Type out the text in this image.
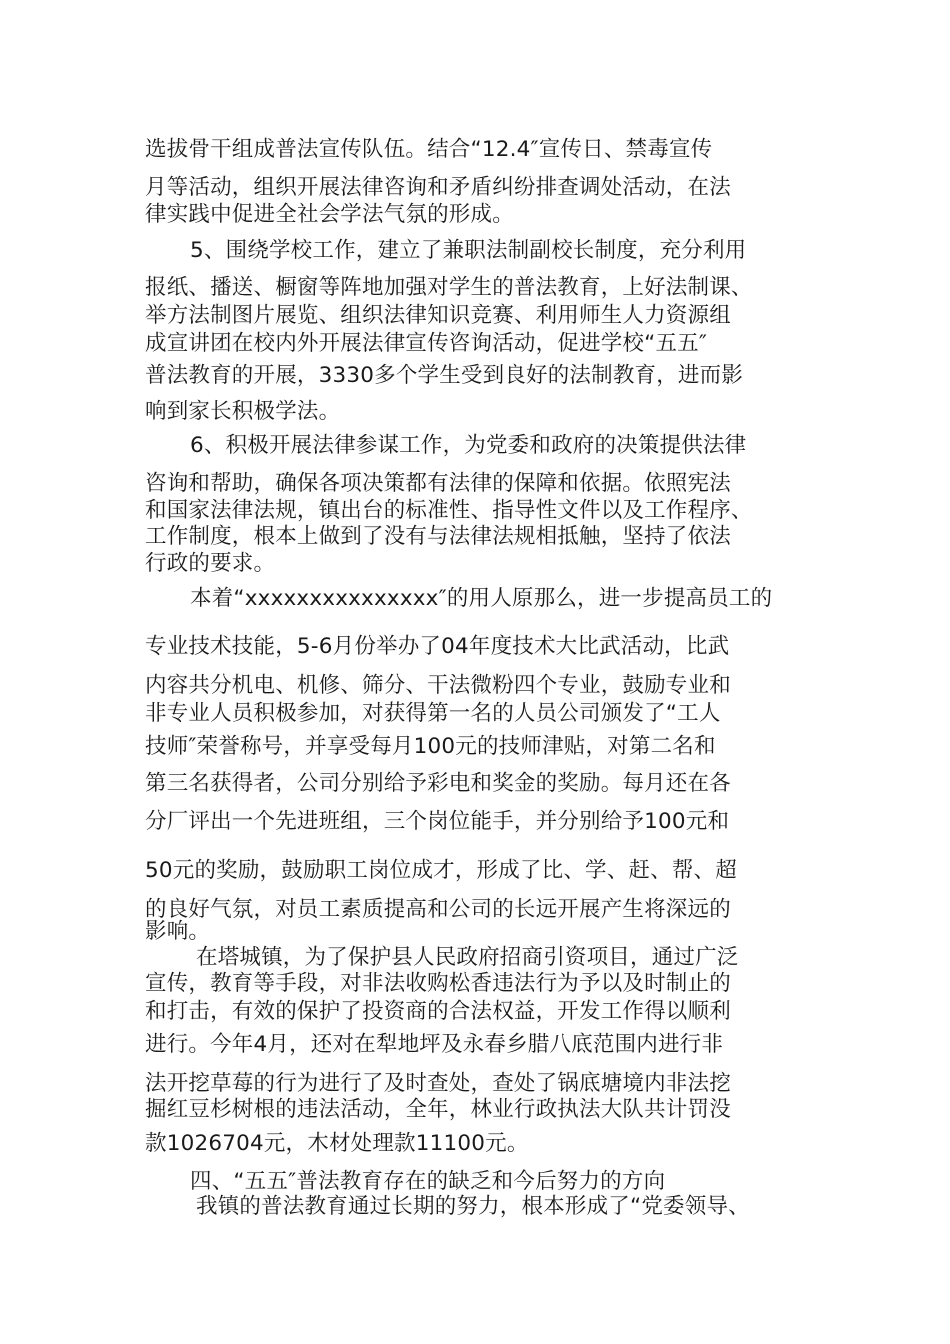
选拔骨干组成普法宣传队伍。结合“12.4″宣传日、禁毒宣传
月等活动，组织开展法律咨询和矛盾纠纷排查调处活动，在法
律实践中促进全社会学法气氛的形成。
5、围绕学校工作，建立了兼职法制副校长制度，充分利用
报纸、播送、橱窗等阵地加强对学生的普法教育，上好法制课、
举方法制图片展览、组织法律知识竞赛、利用师生人力资源组
成宣讲团在校内外开展法律宣传咨询活动，促进学校“五五″
普法教育的开展，3330多个学生受到良好的法制教育，进而影
响到家长积极学法。
6、积极开展法律参谋工作，为党委和政府的决策提供法律
咨询和帮助，确保各项决策都有法律的保障和依据。依照宪法
和国家法律法规，镇出台的标准性、指导性文件以及工作程序、
工作制度，根本上做到了没有与法律法规相抵触，坚持了依法
行政的要求。
本着“xxxxxxxxxxxxxxx″的用人原那么，进一步提高员工的
专业技术技能，5-6月份举办了04年度技术大比武活动，比武
内容共分机电、机修、筛分、干法微粉四个专业，鼓励专业和
非专业人员积极参加，对获得第一名的人员公司颁发了“工人
技师″荣誉称号，并享受每月100元的技师津贴，对第二名和
第三名获得者，公司分别给予彩电和奖金的奖励。每月还在各
分厂评出一个先进班组，三个岗位能手，并分别给予100元和
50元的奖励，鼓励职工岗位成才，形成了比、学、赶、帮、超
的良好气氛，对员工素质提高和公司的长远开展产生将深远的
影响。
在塔城镇，为了保护县人民政府招商引资项目，通过广泛
宣传，教育等手段，对非法收购松香违法行为予以及时制止的
和打击，有效的保护了投资商的合法权益，开发工作得以顺利
进行。今年4月，还对在犁地坪及永春乡腊八底范围内进行非
法开挖草莓的行为进行了及时查处，查处了锅底塘境内非法挖
掘红豆杉树根的违法活动，全年，林业行政执法大队共计罚没
款1026704元，木材处理款11100元。
四、“五五″普法教育存在的缺乏和今后努力的方向
我镇的普法教育通过长期的努力，根本形成了“党委领导、
